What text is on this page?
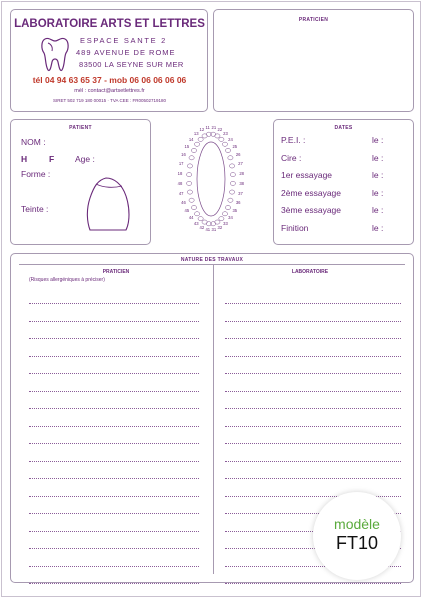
LABORATOIRE ARTS ET LETTRES
ESPACE SANTE 2
489 AVENUE DE ROME
83500 LA SEYNE SUR MER
tél 04 94 63 65 37 - mob 06 06 06 06 06
mél : contact@artsetlettres.fr
SIRET 502 719 180 00015 · TVA CEE : FR00502719180
PRATICIEN
PATIENT
NOM :
H	F Age :
Forme :
Teinte :
18
17
16
15
14
13
12 11 21 22
23
24
25
26
27
28
48
47
46
45
44
43
42 41 31 32
33
34
35
36
37
38
DATES
P.E.I. :	le :
Cire :	le :
1er essayage	le :
2ème essayage	le :
3ème essayage	le :
Finition	le :
NATURE DES TRAVAUX
PRATICIEN
(Risques allergéniques à préciser)
LABORATOIRE
modèle
FT10
